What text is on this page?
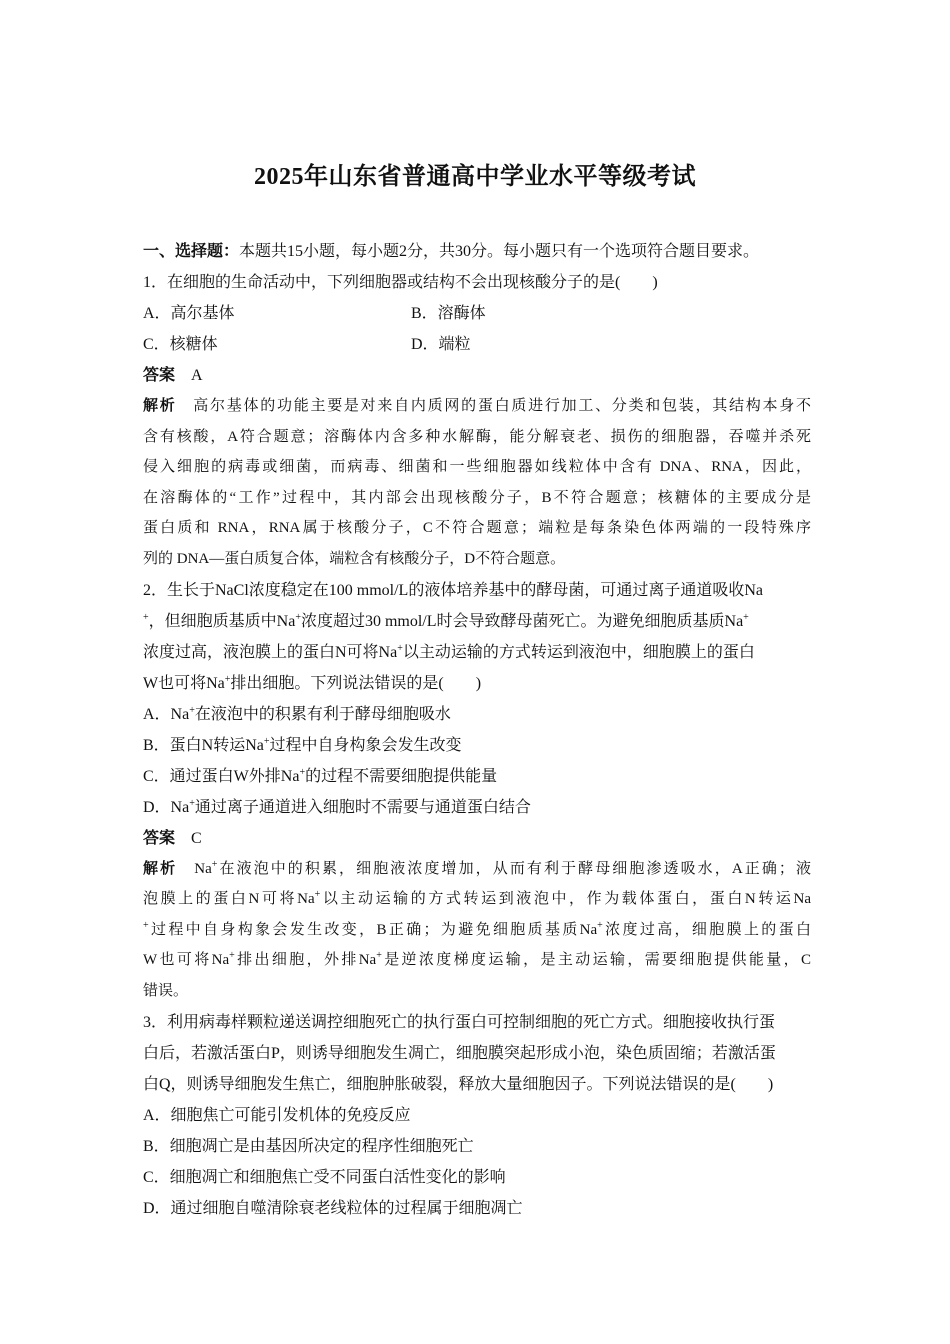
2025年山东省普通高中学业水平等级考试
一、选择题：本题共15小题，每小题2分，共30分。每小题只有一个选项符合题目要求。
1．在细胞的生命活动中，下列细胞器或结构不会出现核酸分子的是(　　)
A．高尔基体	B．溶酶体
C．核糖体	D．端粒
答案　 A
解析　 高尔基体的功能主要是对来自内质网的蛋白质进行加工、分类和包装，其结构本身不
含有核酸，A符合题意；溶酶体内含多种水解酶，能分解衰老、损伤的细胞器，吞噬并杀死
侵入细胞的病毒或细菌，而病毒、细菌和一些细胞器如线粒体中含有 DNA、RNA，因此，
在溶酶体的“工作”过程中，其内部会出现核酸分子，B不符合题意；核糖体的主要成分是
蛋白质和 RNA，RNA属于核酸分子，C不符合题意；端粒是每条染色体两端的一段特殊序
列的 DNA—蛋白质复合体，端粒含有核酸分子，D不符合题意。
2．生长于NaCl浓度稳定在100 mmol/L的液体培养基中的酵母菌，可通过离子通道吸收Na
+，但细胞质基质中Na+浓度超过30 mmol/L时会导致酵母菌死亡。为避免细胞质基质Na+
浓度过高，液泡膜上的蛋白N可将Na+以主动运输的方式转运到液泡中，细胞膜上的蛋白
W也可将Na+排出细胞。下列说法错误的是(　　)
A．Na+在液泡中的积累有利于酵母细胞吸水
B．蛋白N转运Na+过程中自身构象会发生改变
C．通过蛋白W外排Na+的过程不需要细胞提供能量
D．Na+通过离子通道进入细胞时不需要与通道蛋白结合
答案　 C
解析　 Na+在液泡中的积累，细胞液浓度增加，从而有利于酵母细胞渗透吸水，A正确；液
泡膜上的蛋白N可将Na+以主动运输的方式转运到液泡中，作为载体蛋白，蛋白N转运Na
+过程中自身构象会发生改变，B正确；为避免细胞质基质Na+浓度过高，细胞膜上的蛋白
W也可将Na+排出细胞，外排Na+是逆浓度梯度运输，是主动运输，需要细胞提供能量，C
错误。
3．利用病毒样颗粒递送调控细胞死亡的执行蛋白可控制细胞的死亡方式。细胞接收执行蛋
白后，若激活蛋白P，则诱导细胞发生凋亡，细胞膜突起形成小泡，染色质固缩；若激活蛋
白Q，则诱导细胞发生焦亡，细胞肿胀破裂，释放大量细胞因子。下列说法错误的是(　　)
A．细胞焦亡可能引发机体的免疫反应
B．细胞凋亡是由基因所决定的程序性细胞死亡
C．细胞凋亡和细胞焦亡受不同蛋白活性变化的影响
D．通过细胞自噬清除衰老线粒体的过程属于细胞凋亡
